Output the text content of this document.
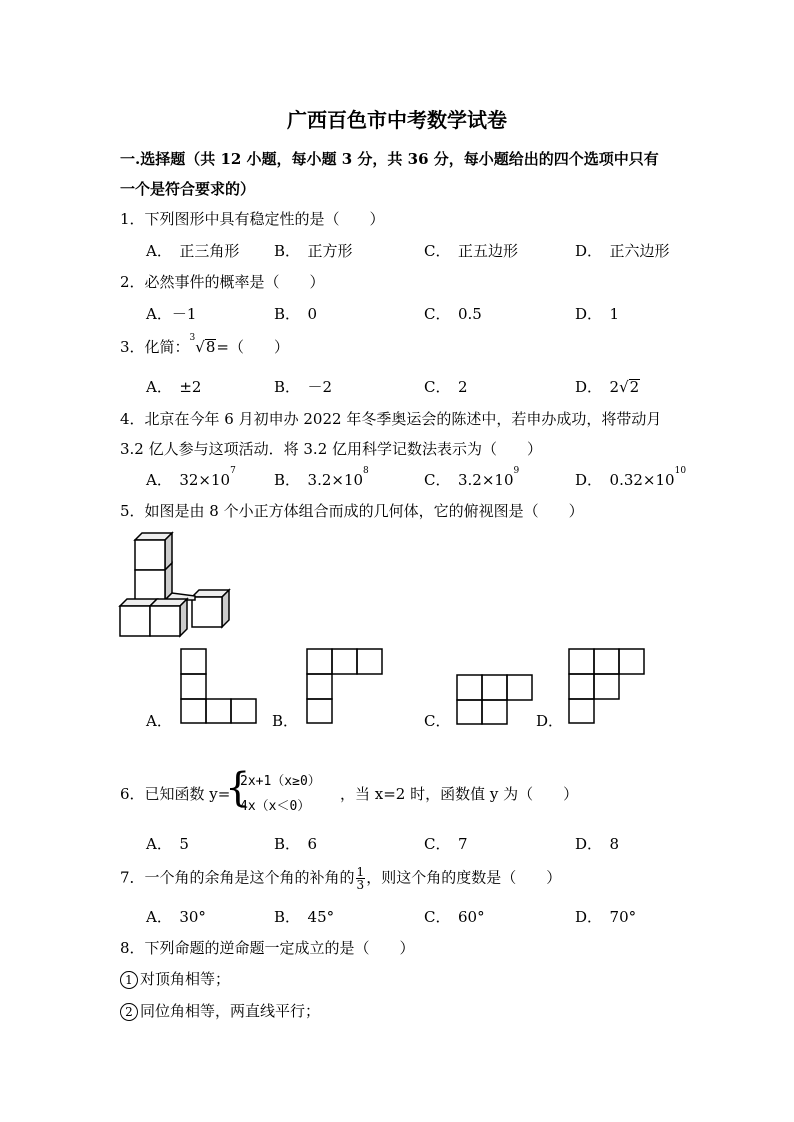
广西百色市中考数学试卷
一.选择题（共 12 小题，每小题 3 分，共 36 分，每小题给出的四个选项中只有
一个是符合要求的）
1．下列图形中具有稳定性的是（　　）
A．　正三角形 B．　正方形	C．　正五边形	D．　正六边形
2．必然事件的概率是（　　）
A．－1	B．　0	C．　0.5	D．　1
3．化简：$^3$√8=（　　）
A．　±2	B．　－2	C．　2	D．　2√2
4．北京在今年 6 月初申办 2022 年冬季奥运会的陈述中，若申办成功，将带动月
3.2 亿人参与这项活动．将 3.2 亿用科学记数法表示为（　　）
A．　$32\times 10^7$	B．　$3.2\times 10^8$	C．　$3.2\times 10^9$	D．　$0.32\times 10^{10}$
5．如图是由 8 个小正方体组合而成的几何体，它的俯视图是（　　）
A．	B．	C．	D．
6．已知函数 y=
{
2x+1（x≥0）
4x（x＜0）
，当 x=2 时，函数值 y 为（　　）
A．　5	B．　6	C．　7	D．　8
7．一个角的余角是这个角的补角的 $\frac{1}{3}$ ，则这个角的度数是（　　）
A．　30°	B．　45°	C．　60°	D．　70°
8．下列命题的逆命题一定成立的是（　　）
1 对顶角相等；
2 同位角相等，两直线平行；
